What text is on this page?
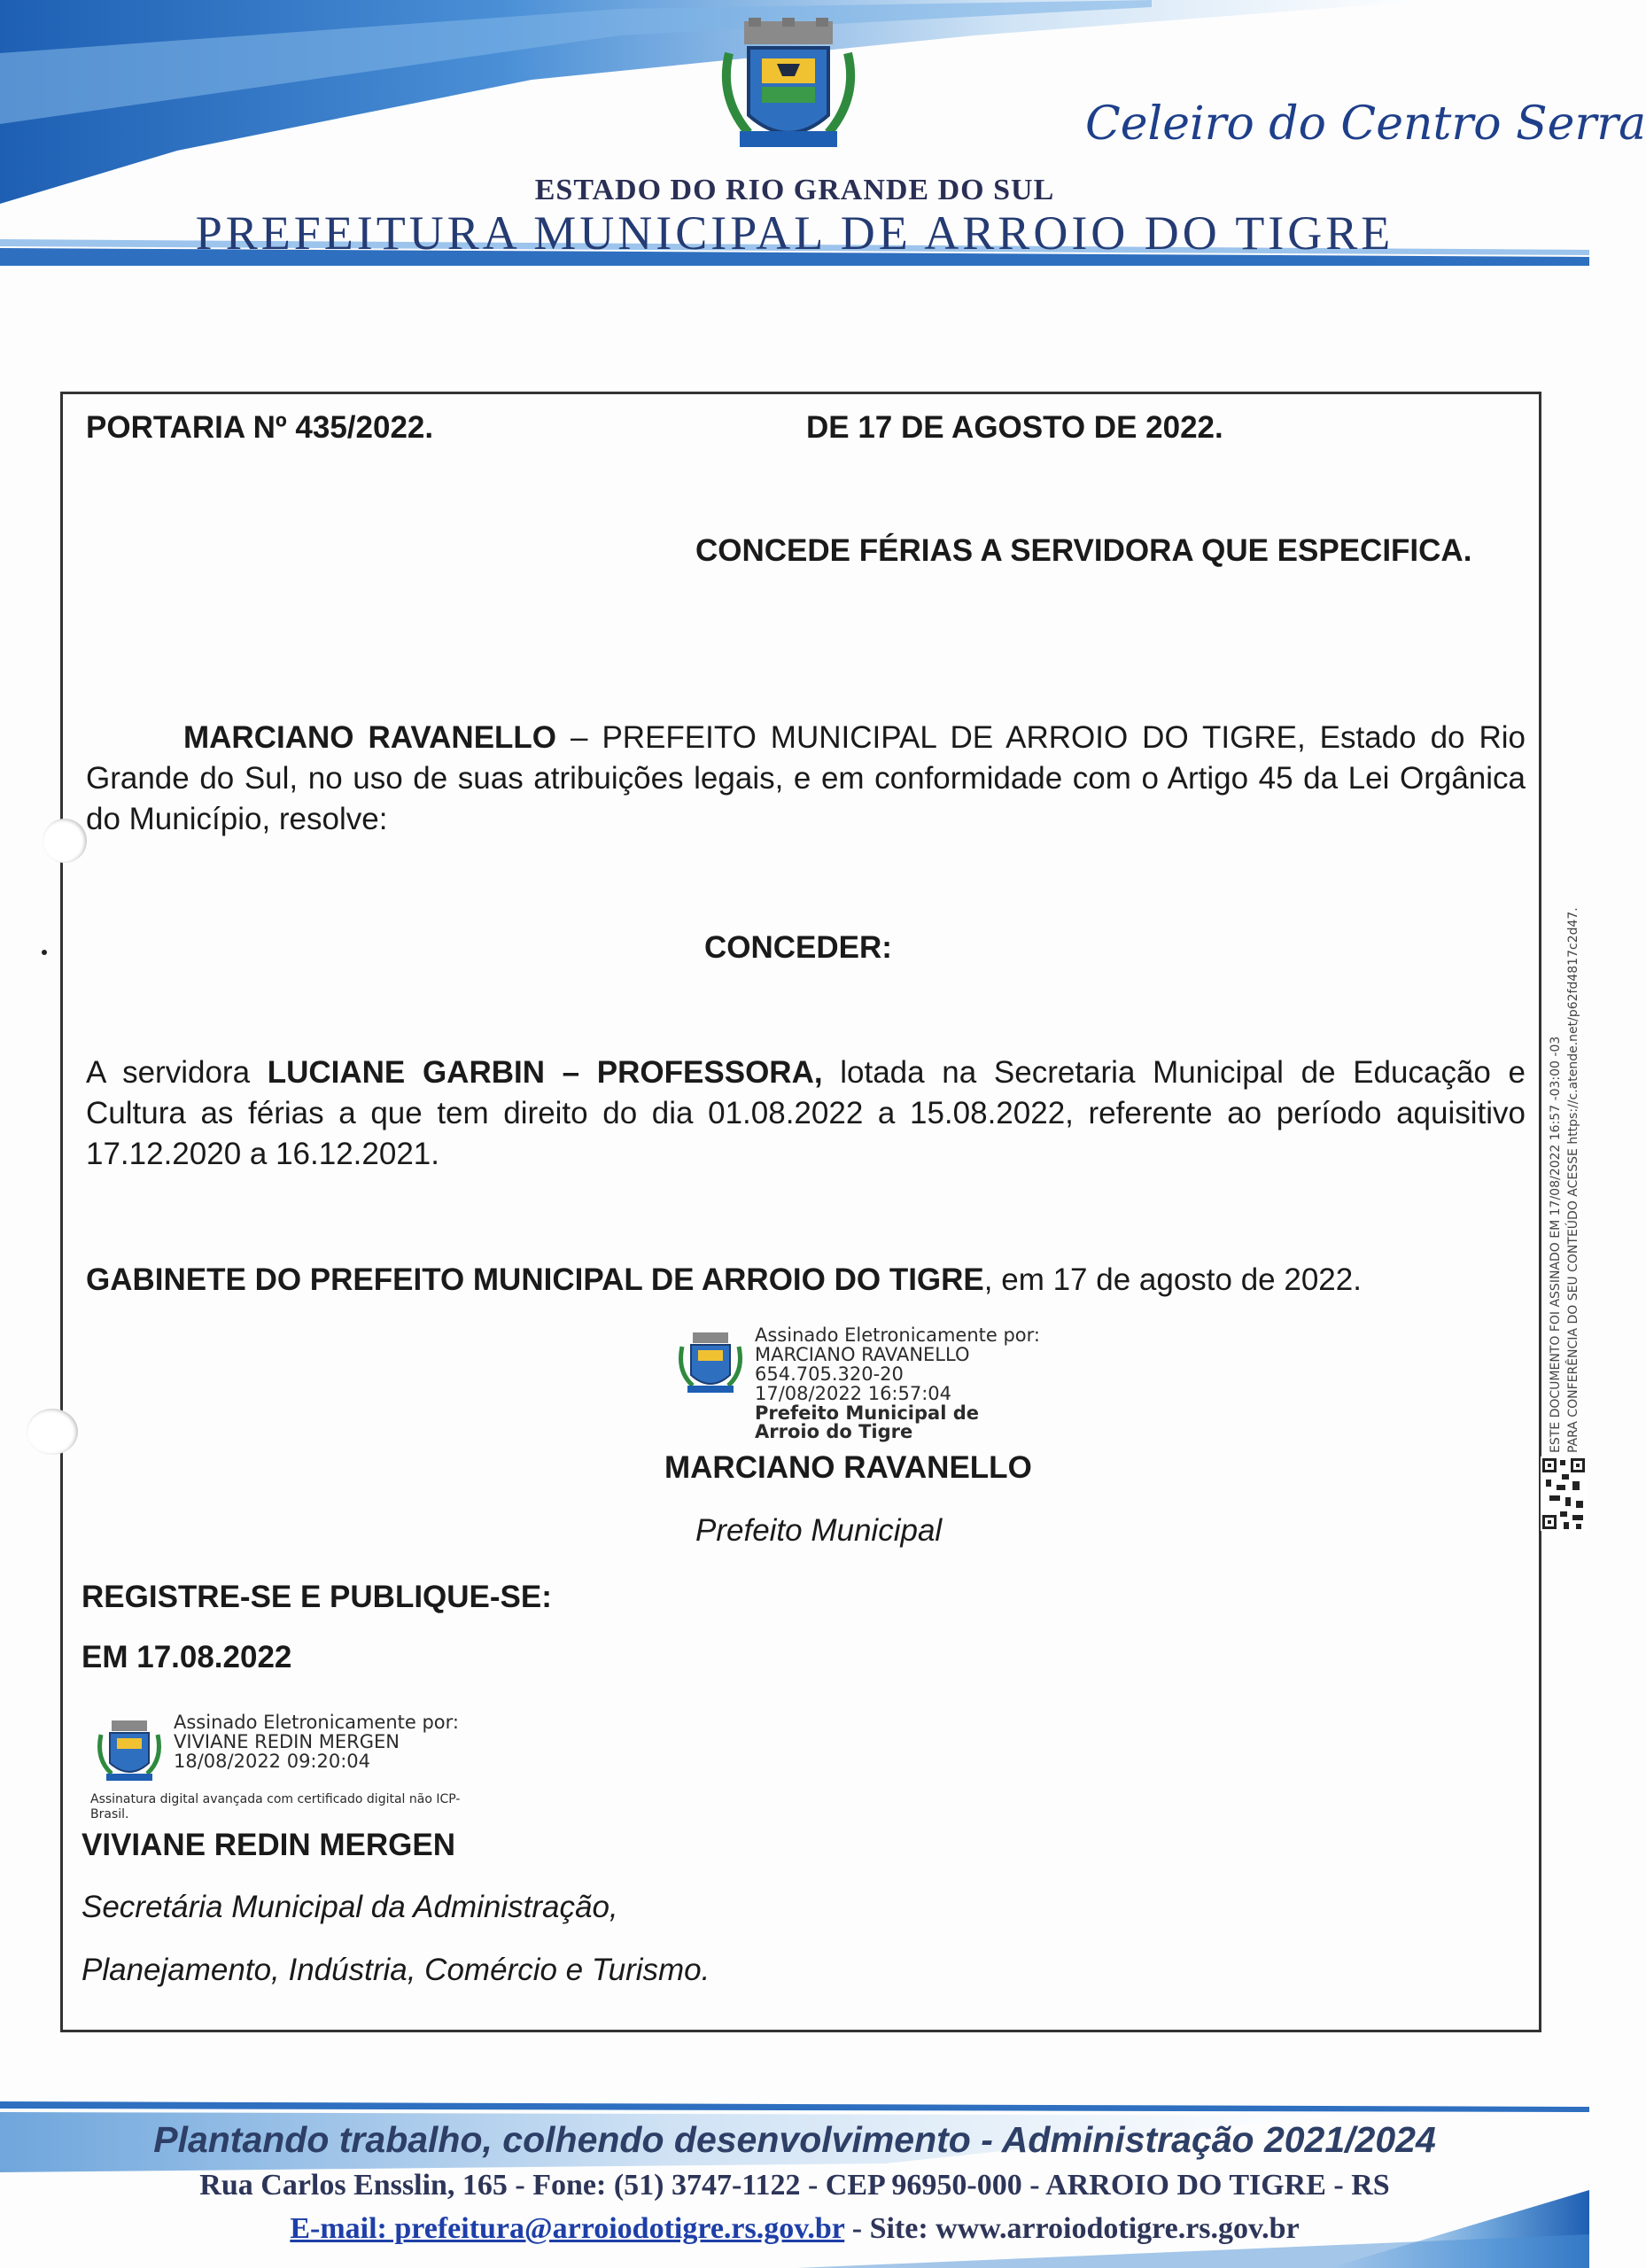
Celeiro do Centro Serra
ESTADO DO RIO GRANDE DO SUL
PREFEITURA MUNICIPAL DE ARROIO DO TIGRE
PORTARIA Nº 435/2022.	DE 17 DE AGOSTO DE 2022.
CONCEDE FÉRIAS A SERVIDORA QUE ESPECIFICA.
MARCIANO RAVANELLO – PREFEITO MUNICIPAL DE ARROIO DO TIGRE, Estado do Rio Grande do Sul, no uso de suas atribuições legais, e em conformidade com o Artigo 45 da Lei Orgânica do Município, resolve:
CONCEDER:
A servidora LUCIANE GARBIN – PROFESSORA, lotada na Secretaria Municipal de Educação e Cultura as férias a que tem direito do dia 01.08.2022 a 15.08.2022, referente ao período aquisitivo 17.12.2020 a 16.12.2021.
GABINETE DO PREFEITO MUNICIPAL DE ARROIO DO TIGRE, em 17 de agosto de 2022.
Assinado Eletronicamente por:
MARCIANO RAVANELLO
654.705.320-20
17/08/2022 16:57:04
Prefeito Municipal de
Arroio do Tigre
MARCIANO RAVANELLO
Prefeito Municipal
REGISTRE-SE E PUBLIQUE-SE:
EM 17.08.2022
Assinado Eletronicamente por:
VIVIANE REDIN MERGEN
18/08/2022 09:20:04
Assinatura digital avançada com certificado digital não ICP-
Brasil.
VIVIANE REDIN MERGEN
Secretária Municipal da Administração,
Planejamento, Indústria, Comércio e Turismo.
ESTE DOCUMENTO FOI ASSINADO EM 17/08/2022 16:57 -03:00 -03 PARA CONFERÊNCIA DO SEU CONTEÚDO ACESSE https://c.atende.net/p62fd4817c2d47.
Plantando trabalho, colhendo desenvolvimento - Administração 2021/2024
Rua Carlos Ensslin, 165 - Fone: (51) 3747-1122 - CEP 96950-000 - ARROIO DO TIGRE - RS
E-mail: prefeitura@arroiodotigre.rs.gov.br - Site: www.arroiodotigre.rs.gov.br
